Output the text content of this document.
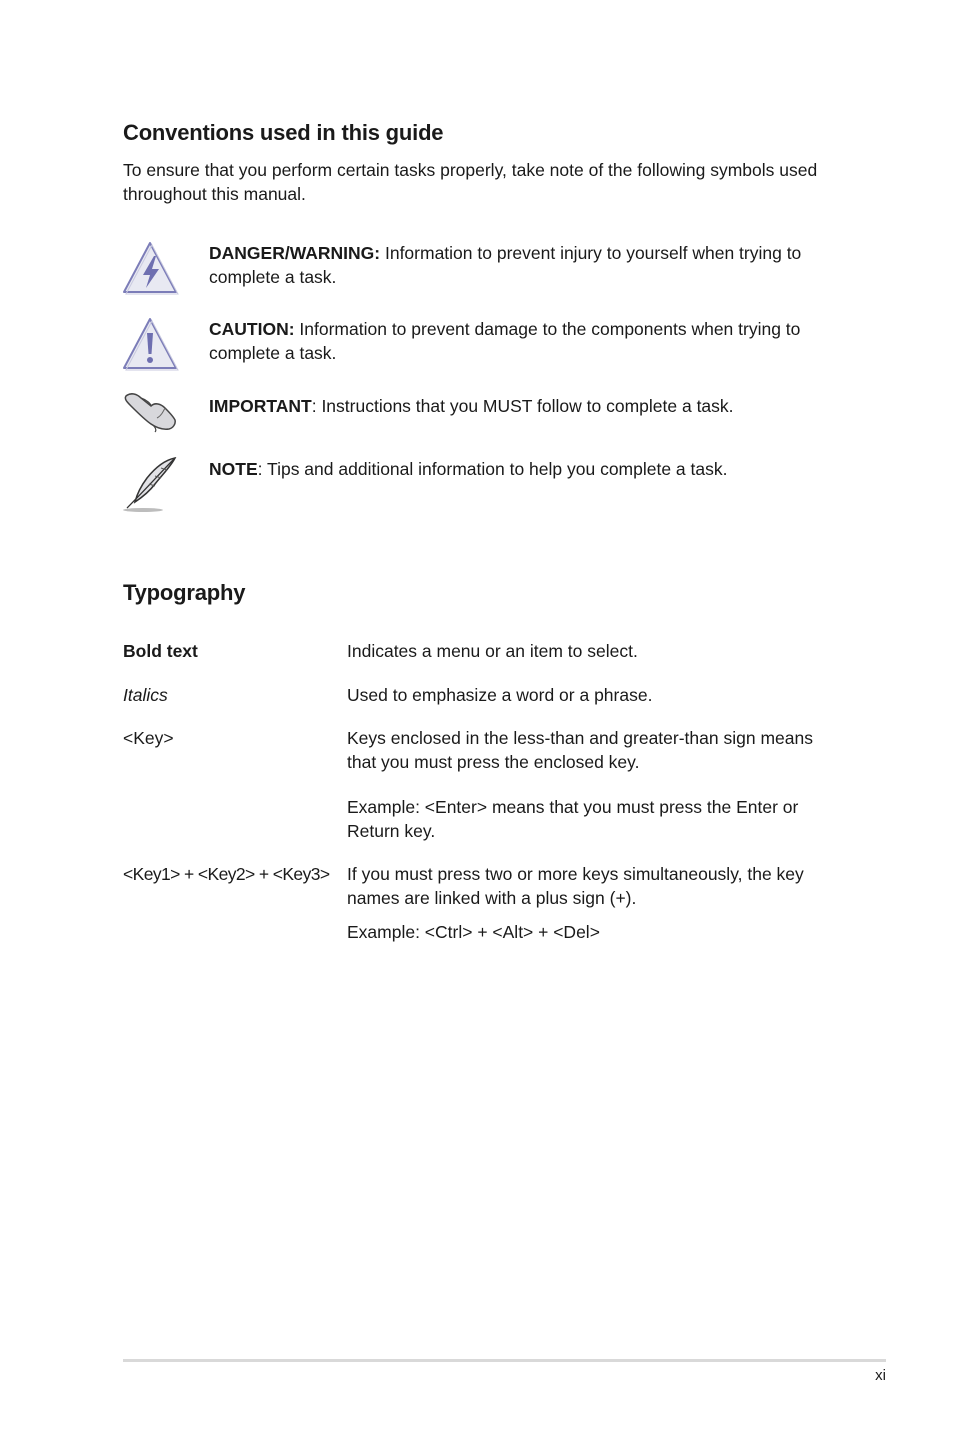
Conventions used in this guide
To ensure that you perform certain tasks properly, take note of the following symbols used throughout this manual.
DANGER/WARNING: Information to prevent injury to yourself when trying to complete a task.
CAUTION: Information to prevent damage to the components when trying to complete a task.
IMPORTANT: Instructions that you MUST follow to complete a task.
NOTE: Tips and additional information to help you complete a task.
Typography
Bold text	Indicates a menu or an item to select.
Italics	Used to emphasize a word or a phrase.
<Key>	Keys enclosed in the less-than and greater-than sign means that you must press the enclosed key.
Example: <Enter> means that you must press the Enter or Return key.
<Key1> + <Key2> + <Key3>	If you must press two or more keys simultaneously, the key names are linked with a plus sign (+).
Example: <Ctrl> + <Alt> + <Del>
xi
